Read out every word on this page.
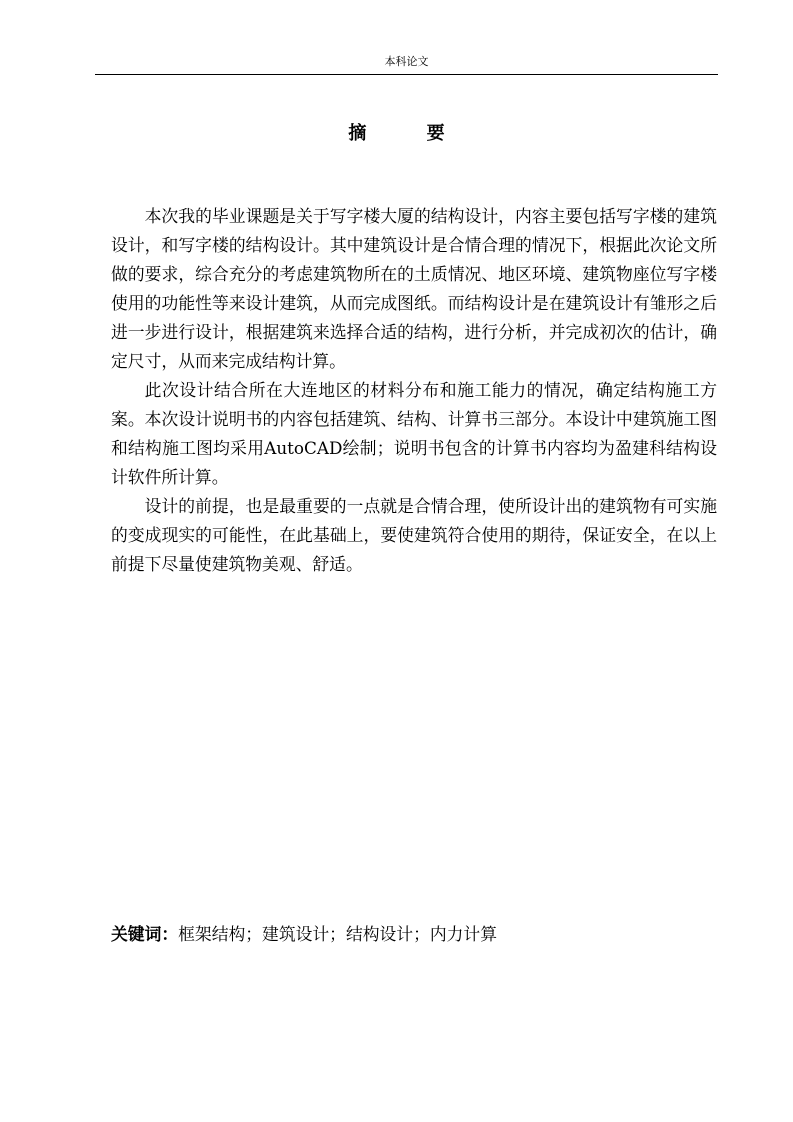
本科论文
摘 要

本次我的毕业课题是关于写字楼大厦的结构设计，内容主要包括写字楼的建筑设计，和写字楼的结构设计。其中建筑设计是合情合理的情况下，根据此次论文所做的要求，综合充分的考虑建筑物所在的土质情况、地区环境、建筑物座位写字楼使用的功能性等来设计建筑，从而完成图纸。而结构设计是在建筑设计有雏形之后进一步进行设计，根据建筑来选择合适的结构，进行分析，并完成初次的估计，确定尺寸，从而来完成结构计算。

此次设计结合所在大连地区的材料分布和施工能力的情况，确定结构施工方案。本次设计说明书的内容包括建筑、结构、计算书三部分。本设计中建筑施工图和结构施工图均采用AutoCAD绘制；说明书包含的计算书内容均为盈建科结构设计软件所计算。

设计的前提，也是最重要的一点就是合情合理，使所设计出的建筑物有可实施的变成现实的可能性，在此基础上，要使建筑符合使用的期待，保证安全，在以上前提下尽量使建筑物美观、舒适。

关键词：框架结构；建筑设计；结构设计；内力计算
